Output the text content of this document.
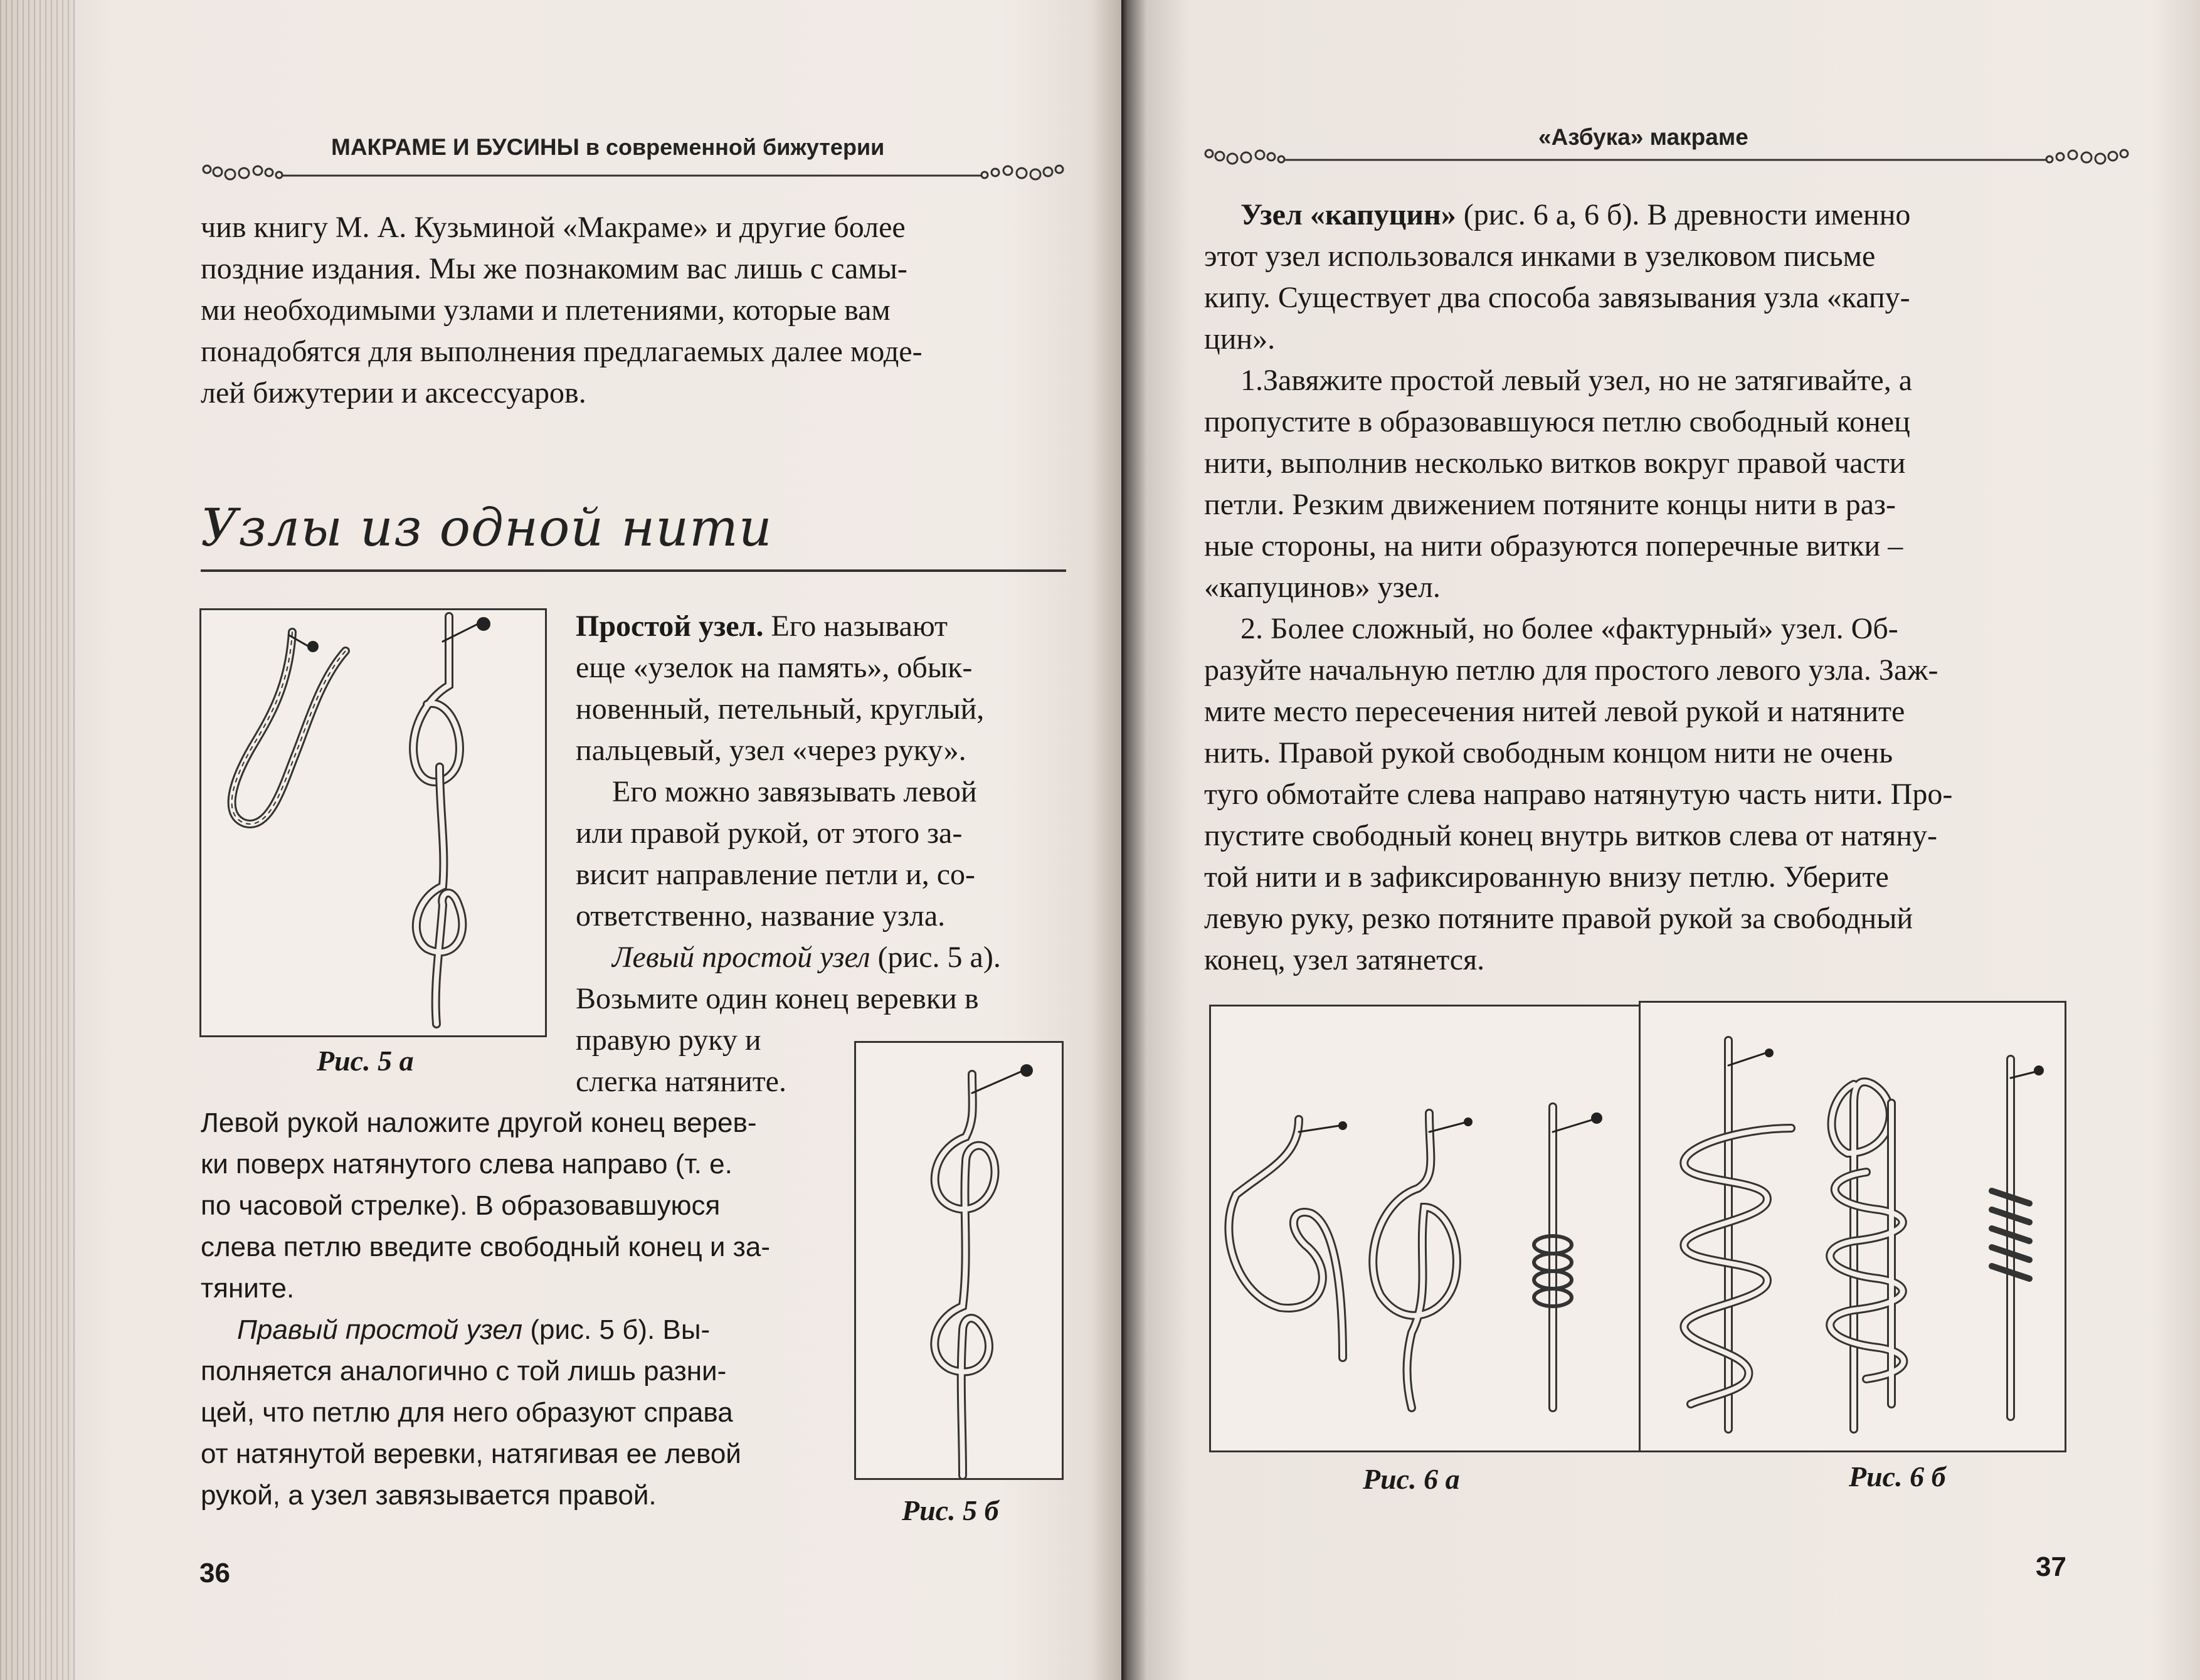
МАКРАМЕ И БУСИНЫ в современной бижутерии

чив книгу М. А. Кузьминой «Макраме» и другие более

поздние издания. Мы же познакомим вас лишь с самы-

ми необходимыми узлами и плетениями, которые вам

понадобятся для выполнения предлагаемых далее моде-

лей бижутерии и аксессуаров.

Узлы из одной нити
Рис. 5 а

Простой узел. Его называют

еще «узелок на память», обык-

новенный, петельный, круглый,

пальцевый, узел «через руку».

Его можно завязывать левой

или правой рукой, от этого за-

висит направление петли и, со-

ответственно, название узла.

Левый простой узел (рис. 5 а).

Возьмите один конец веревки в

правую руку и

слегка натяните.

Рис. 5 б

Левой рукой наложите другой конец верев-

ки поверх натянутого слева направо (т. е.

по часовой стрелке). В образовавшуюся

слева петлю введите свободный конец и за-

тяните.

Правый простой узел (рис. 5 б). Вы-

полняется аналогично с той лишь разни-

цей, что петлю для него образуют справа

от натянутой веревки, натягивая ее левой

рукой, а узел завязывается правой.

36
«Азбука» макраме

Узел «капуцин» (рис. 6 а, 6 б). В древности именно

этот узел использовался инками в узелковом письме

кипу. Существует два способа завязывания узла «капу-

цин».

1.Завяжите простой левый узел, но не затягивайте, а

пропустите в образовавшуюся петлю свободный конец

нити, выполнив несколько витков вокруг правой части

петли. Резким движением потяните концы нити в раз-

ные стороны, на нити образуются поперечные витки –

«капуцинов» узел.

2. Более сложный, но более «фактурный» узел. Об-

разуйте начальную петлю для простого левого узла. Заж-

мите место пересечения нитей левой рукой и натяните

нить. Правой рукой свободным концом нити не очень

туго обмотайте слева направо натянутую часть нити. Про-

пустите свободный конец внутрь витков слева от натяну-

той нити и в зафиксированную внизу петлю. Уберите

левую руку, резко потяните правой рукой за свободный

конец, узел затянется.

Рис. 6 а	Рис. 6 б
37
